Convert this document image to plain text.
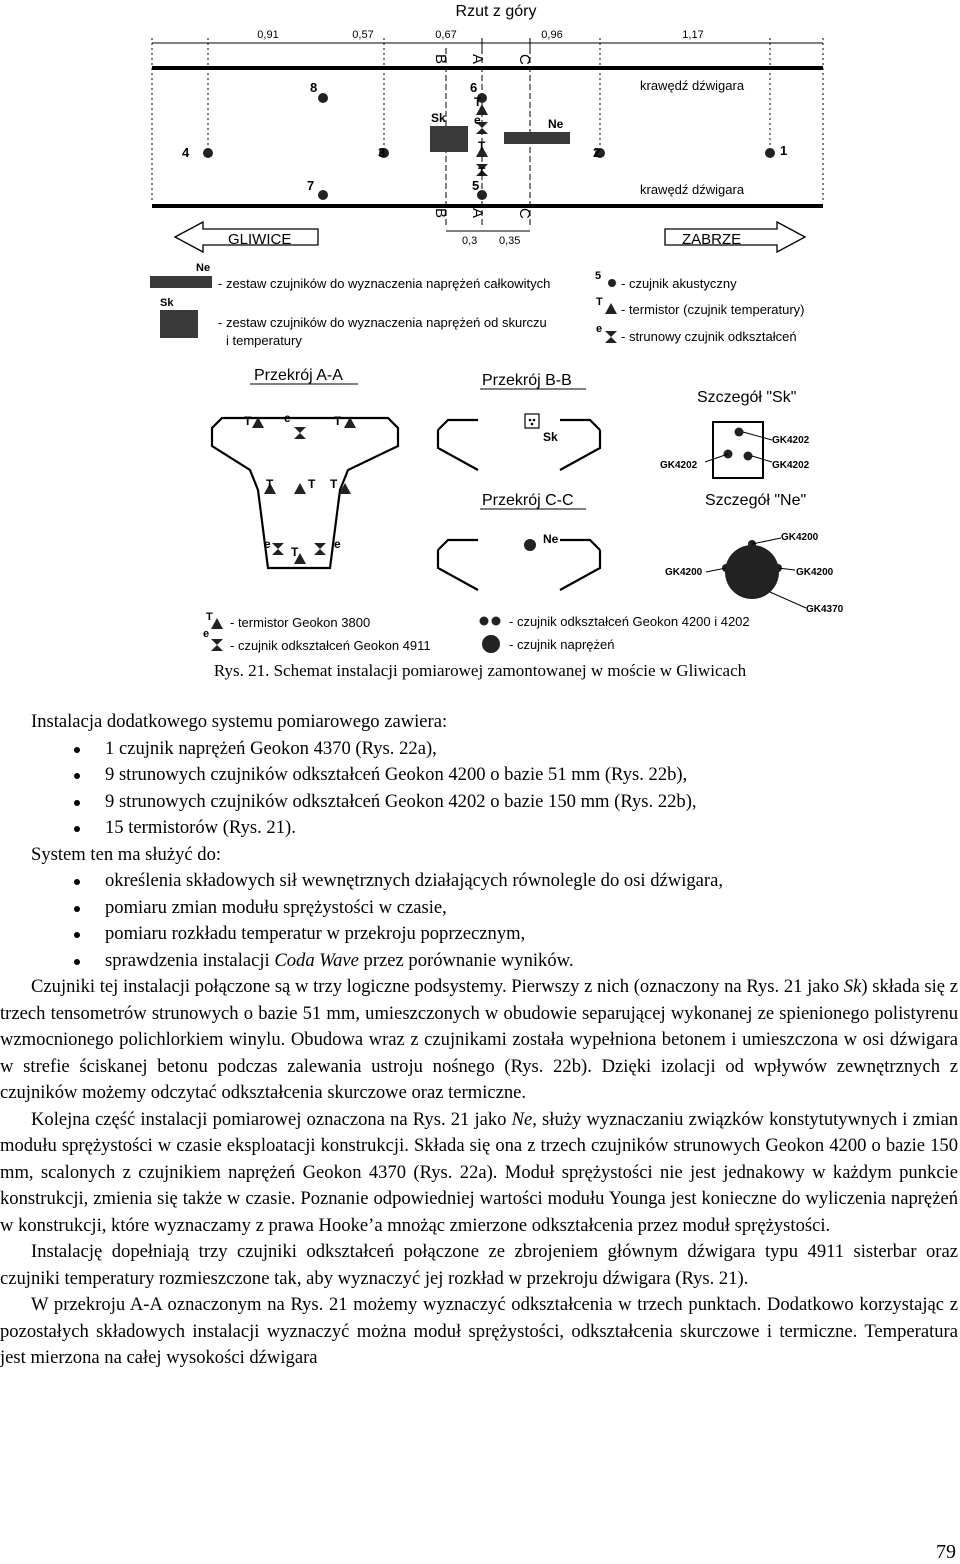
Rzut z góry
0,91	0,57	0,67	0,96	1,17
krawędź dźwigara
krawędź dźwigara
B A C
B A C
1
2
3
4
5
6
7
8
T
e
T
T
Sk	Ne
GLIWICE	ZABRZE
0,3 0,35
Ne
- zestaw czujników do wyznaczenia naprężeń całkowitych
Sk
- zestaw czujników do wyznaczenia naprężeń od skurczu
i temperatury
5 - czujnik akustyczny
T - termistor (czujnik temperatury)
e - strunowy czujnik odkształceń
Przekrój A-A
T	e	T
T	T T
e	e
T
Przekrój B-B
Sk
Przekrój C-C
Ne
Szczegół "Sk"
GK4202
GK4202	GK4202
Szczegół "Ne"
GK4200
GK4200	GK4200
GK4370
T - termistor Geokon 3800
e
- czujnik odkształceń Geokon 4911
- czujnik odkształceń Geokon 4200 i 4202
- czujnik naprężeń
Rys. 21. Schemat instalacji pomiarowej zamontowanej w moście w Gliwicach

Instalacja dodatkowego systemu pomiarowego zawiera:

1 czujnik naprężeń Geokon 4370 (Rys. 22a),
9 strunowych czujników odkształceń Geokon 4200 o bazie 51 mm (Rys. 22b),
9 strunowych czujników odkształceń Geokon 4202 o bazie 150 mm (Rys. 22b),
15 termistorów (Rys. 21).

System ten ma służyć do:

określenia składowych sił wewnętrznych działających równolegle do osi dźwigara,
pomiaru zmian modułu sprężystości w czasie,
pomiaru rozkładu temperatur w przekroju poprzecznym,
sprawdzenia instalacji Coda Wave przez porównanie wyników.

Czujniki tej instalacji połączone są w trzy logiczne podsystemy. Pierwszy z nich (oznaczony na Rys. 21 jako Sk) składa się z trzech tensometrów strunowych o bazie 51 mm, umieszczonych w obudowie separującej wykonanej ze spienionego polistyrenu wzmocnionego polichlorkiem winylu. Obudowa wraz z czujnikami została wypełniona betonem i umieszczona w osi dźwigara w strefie ściskanej betonu podczas zalewania ustroju nośnego (Rys. 22b). Dzięki izolacji od wpływów zewnętrznych z czujników możemy odczytać odkształcenia skurczowe oraz termiczne.

Kolejna część instalacji pomiarowej oznaczona na Rys. 21 jako Ne, służy wyznaczaniu związków konstytutywnych i zmian modułu sprężystości w czasie eksploatacji konstrukcji. Składa się ona z trzech czujników strunowych Geokon 4200 o bazie 150 mm, scalonych z czujnikiem naprężeń Geokon 4370 (Rys. 22a). Moduł sprężystości nie jest jednakowy w każdym punkcie konstrukcji, zmienia się także w czasie. Poznanie odpowiedniej wartości modułu Younga jest konieczne do wyliczenia naprężeń w konstrukcji, które wyznaczamy z prawa Hooke’a mnożąc zmierzone odkształcenia przez moduł sprężystości.

Instalację dopełniają trzy czujniki odkształceń połączone ze zbrojeniem głównym dźwigara typu 4911 sisterbar oraz czujniki temperatury rozmieszczone tak, aby wyznaczyć jej rozkład w przekroju dźwigara (Rys. 21).

W przekroju A-A oznaczonym na Rys. 21 możemy wyznaczyć odkształcenia w trzech punktach. Dodatkowo korzystając z pozostałych składowych instalacji wyznaczyć można moduł sprężystości, odkształcenia skurczowe i termiczne. Temperatura jest mierzona na całej wysokości dźwigara

79
